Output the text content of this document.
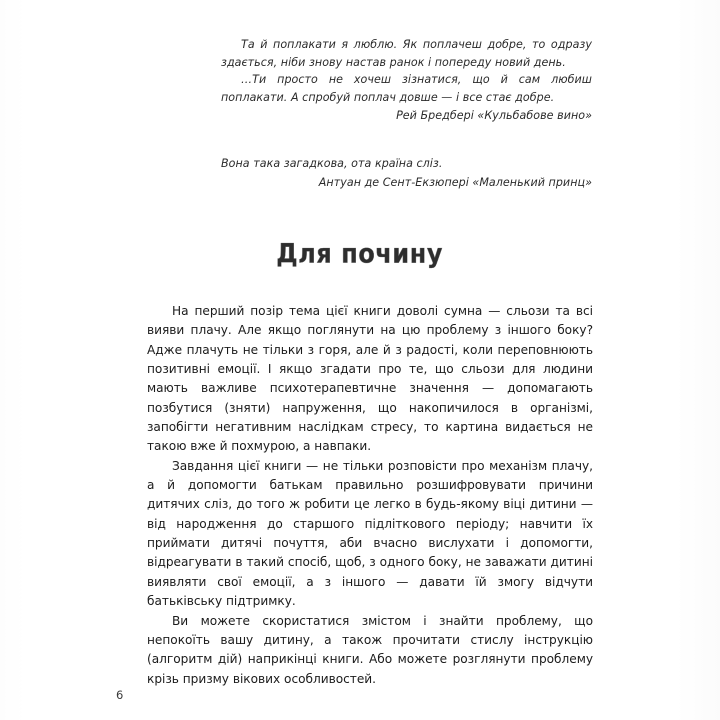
Та й поплакати я люблю. Як поплачеш добре, то одразу здається, ніби знову настав ранок і попереду новий день.

…Ти просто не хочеш зізнатися, що й сам любиш поплакати. А спробуй поплач довше — і все стає добре.

Рей Бредбері «Кульбабове вино»

Вона така загадкова, ота країна сліз.

Антуан де Сент-Екзюпері «Маленький принц»

Для почину

На перший позір тема цієї книги доволі сумна — сльози та всі вияви плачу. Але якщо поглянути на цю проблему з іншого боку? Адже плачуть не тільки з горя, але й з радості, коли переповнюють позитивні емоції. І якщо згадати про те, що сльози для людини мають важливе психотерапевтичне значення — допомагають позбутися (зняти) напруження, що накопичилося в організмі, запобігти негативним наслідкам стресу, то картина видається не такою вже й похмурою, а навпаки.

Завдання цієї книги — не тільки розповісти про механізм плачу, а й допомогти батькам правильно розшифровувати причини дитячих сліз, до того ж робити це легко в будь-якому віці дитини — від народження до старшого підліткового періоду; навчити їх приймати дитячі почуття, аби вчасно вислухати і допомогти, відреагувати в такий спосіб, щоб, з одного боку, не заважати дитині виявляти свої емоції, а з іншого — давати їй змогу відчути батьківську підтримку.

Ви можете скористатися змістом і знайти проблему, що непокоїть вашу дитину, а також прочитати стислу інструкцію (алгоритм дій) наприкінці книги. Або можете розглянути проблему крізь призму вікових особливостей.

6
